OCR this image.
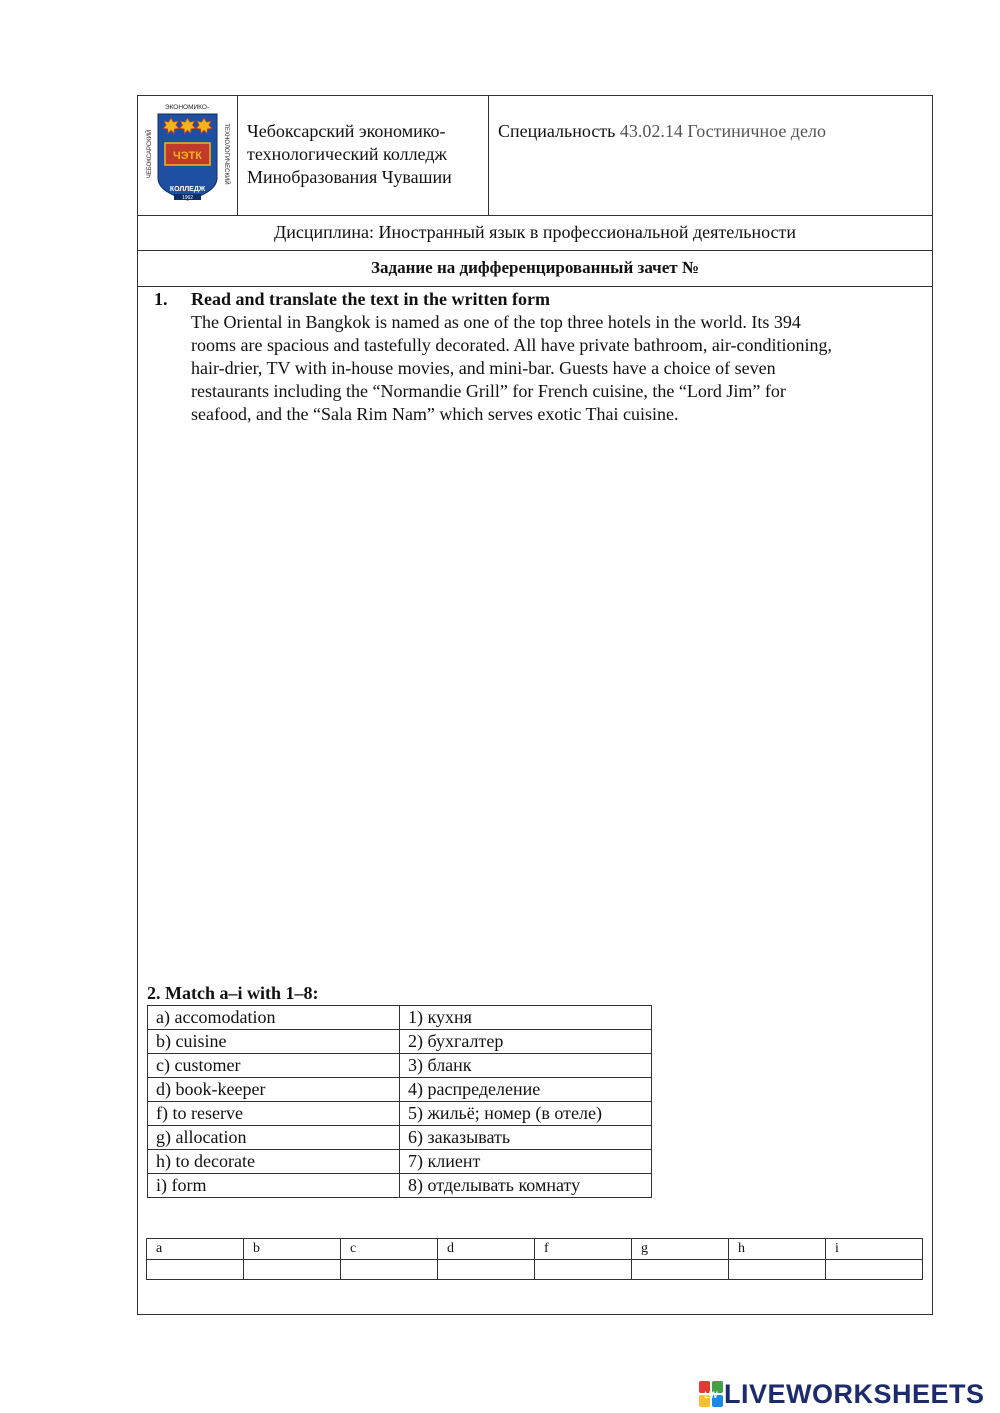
ЭКОНОМИКО-
ЧЕБОКСАРСКИЙ	ТЕХНОЛОГИЧЕСКИЙ
ЧЭТК
КОЛЛЕДЖ
1962
Чебоксарский экономико-
технологический колледж
Минобразования Чувашии
Специальность 43.02.14 Гостиничное дело
Дисциплина: Иностранный язык в профессиональной деятельности
Задание на дифференцированный зачет №
1. Read and translate the text in the written form
The Oriental in Bangkok is named as one of the top three hotels in the world. Its 394
rooms are spacious and tastefully decorated. All have private bathroom, air-conditioning,
hair-drier, TV with in-house movies, and mini-bar. Guests have a choice of seven
restaurants including the “Normandie Grill” for French cuisine, the “Lord Jim” for
seafood, and the “Sala Rim Nam” which serves exotic Thai cuisine.
2. Match a–i with 1–8:
a) accomodation	1) кухня
b) cuisine	2) бухгалтер
c) customer	3) бланк
d) book-keeper	4) распределение
f) to reserve	5) жильё; номер (в отеле)
g) allocation	6) заказывать
h) to decorate	7) клиент
i) form	8) отделывать комнату
a	b	c	d	f	g	h	i

LW LIVEWORKSHEETS
